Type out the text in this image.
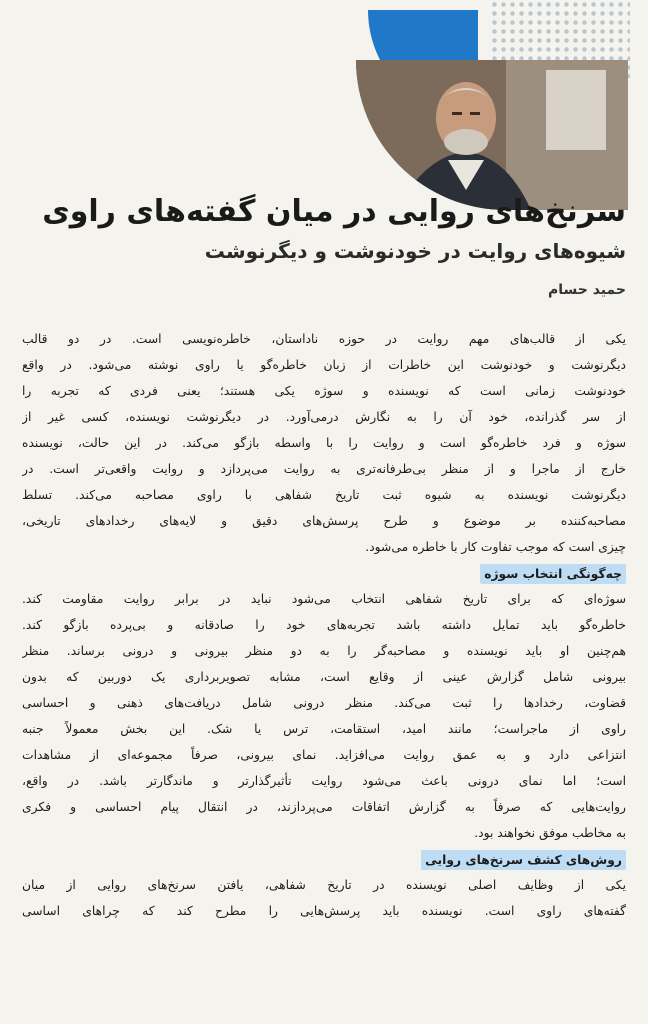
سرنخ‌های روایی در میان گفته‌های راوی
شیوه‌های روایت در خودنوشت و دیگرنوشت
حمید حسام
یکی از قالب‌های مهم روایت در حوزه ناداستان، خاطره‌نویسی است. در دو قالب
دیگرنوشت و خودنوشت این خاطرات از زبان خاطره‌گو یا راوی نوشته می‌شود. در واقع
خودنوشت زمانی است که نویسنده و سوژه یکی هستند؛ یعنی فردی که تجربه را
از سر گذرانده، خود آن را به نگارش درمی‌آورد. در دیگرنوشت نویسنده، کسی غیر از
سوژه و فرد خاطره‌گو است و روایت را با واسطه بازگو می‌کند. در این حالت، نویسنده
خارج از ماجرا و از منظر بی‌طرفانه‌تری به روایت می‌پردازد و روایت واقعی‌تر است. در
دیگرنوشت نویسنده به شیوه ثبت تاریخ شفاهی با راوی مصاحبه می‌کند. تسلط
مصاحبه‌کننده بر موضوع و طرح پرسش‌های دقیق و لایه‌های رخدادهای تاریخی،
چیزی است که موجب تفاوت کار با خاطره می‌شود.
چه‌گونگی انتخاب سوژه
سوژه‌ای که برای تاریخ شفاهی انتخاب می‌شود نباید در برابر روایت مقاومت کند.
خاطره‌گو باید تمایل داشته باشد تجربه‌های خود را صادقانه و بی‌پرده بازگو کند.
هم‌چنین او باید نویسنده و مصاحبه‌گر را به دو منظر بیرونی و درونی برساند. منظر
بیرونی شامل گزارش عینی از وقایع است، مشابه تصویربرداری یک دوربین که بدون
قضاوت، رخدادها را ثبت می‌کند. منظر درونی شامل دریافت‌های ذهنی و احساسی
راوی از ماجراست؛ مانند امید، استقامت، ترس یا شک. این بخش معمولاً جنبه
انتزاعی دارد و به عمق روایت می‌افزاید. نمای بیرونی، صرفاً مجموعه‌ای از مشاهدات
است؛ اما نمای درونی باعث می‌شود روایت تأثیرگذارتر و ماندگارتر باشد. در واقع،
روایت‌هایی که صرفاً به گزارش اتفاقات می‌پردازند، در انتقال پیام احساسی و فکری
به مخاطب موفق نخواهند بود.
روش‌های کشف سرنخ‌های روایی
یکی از وظایف اصلی نویسنده در تاریخ شفاهی، یافتن سرنخ‌های روایی از میان
گفته‌های راوی است. نویسنده باید پرسش‌هایی را مطرح کند که چراهای اساسی
